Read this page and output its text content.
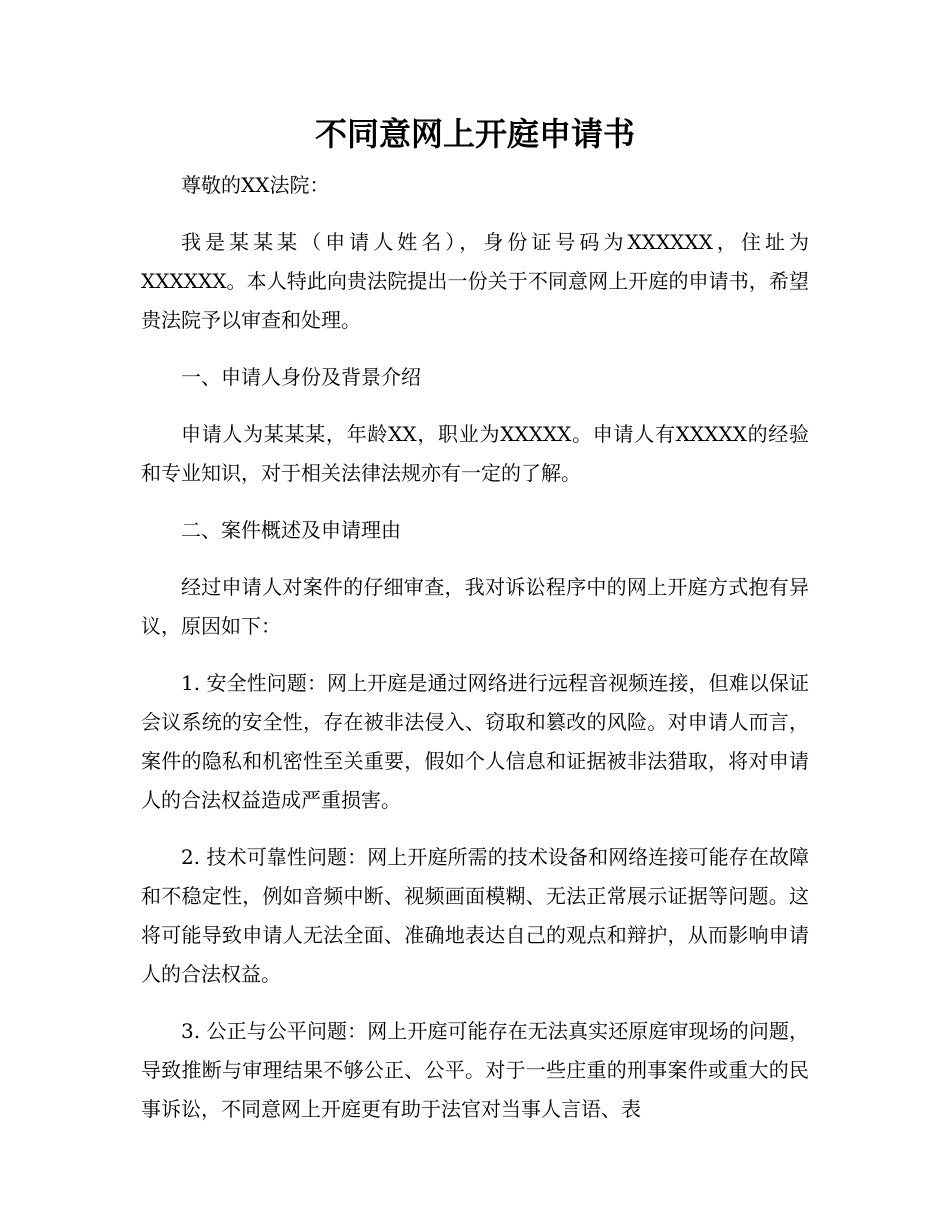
不同意网上开庭申请书

尊敬的XX法院：

我是某某某（申请人姓名），身份证号码为XXXXXX，住址为XXXXXX。本人特此向贵法院提出一份关于不同意网上开庭的申请书，希望贵法院予以审查和处理。

一、申请人身份及背景介绍

申请人为某某某，年龄XX，职业为XXXXX。申请人有XXXXX的经验和专业知识，对于相关法律法规亦有一定的了解。

二、案件概述及申请理由

经过申请人对案件的仔细审查，我对诉讼程序中的网上开庭方式抱有异议，原因如下：

1. 安全性问题：网上开庭是通过网络进行远程音视频连接，但难以保证会议系统的安全性，存在被非法侵入、窃取和篡改的风险。对申请人而言，案件的隐私和机密性至关重要，假如个人信息和证据被非法猎取，将对申请人的合法权益造成严重损害。

2. 技术可靠性问题：网上开庭所需的技术设备和网络连接可能存在故障和不稳定性，例如音频中断、视频画面模糊、无法正常展示证据等问题。这将可能导致申请人无法全面、准确地表达自己的观点和辩护，从而影响申请人的合法权益。

3. 公正与公平问题：网上开庭可能存在无法真实还原庭审现场的问题，导致推断与审理结果不够公正、公平。对于一些庄重的刑事案件或重大的民事诉讼，不同意网上开庭更有助于法官对当事人言语、表
